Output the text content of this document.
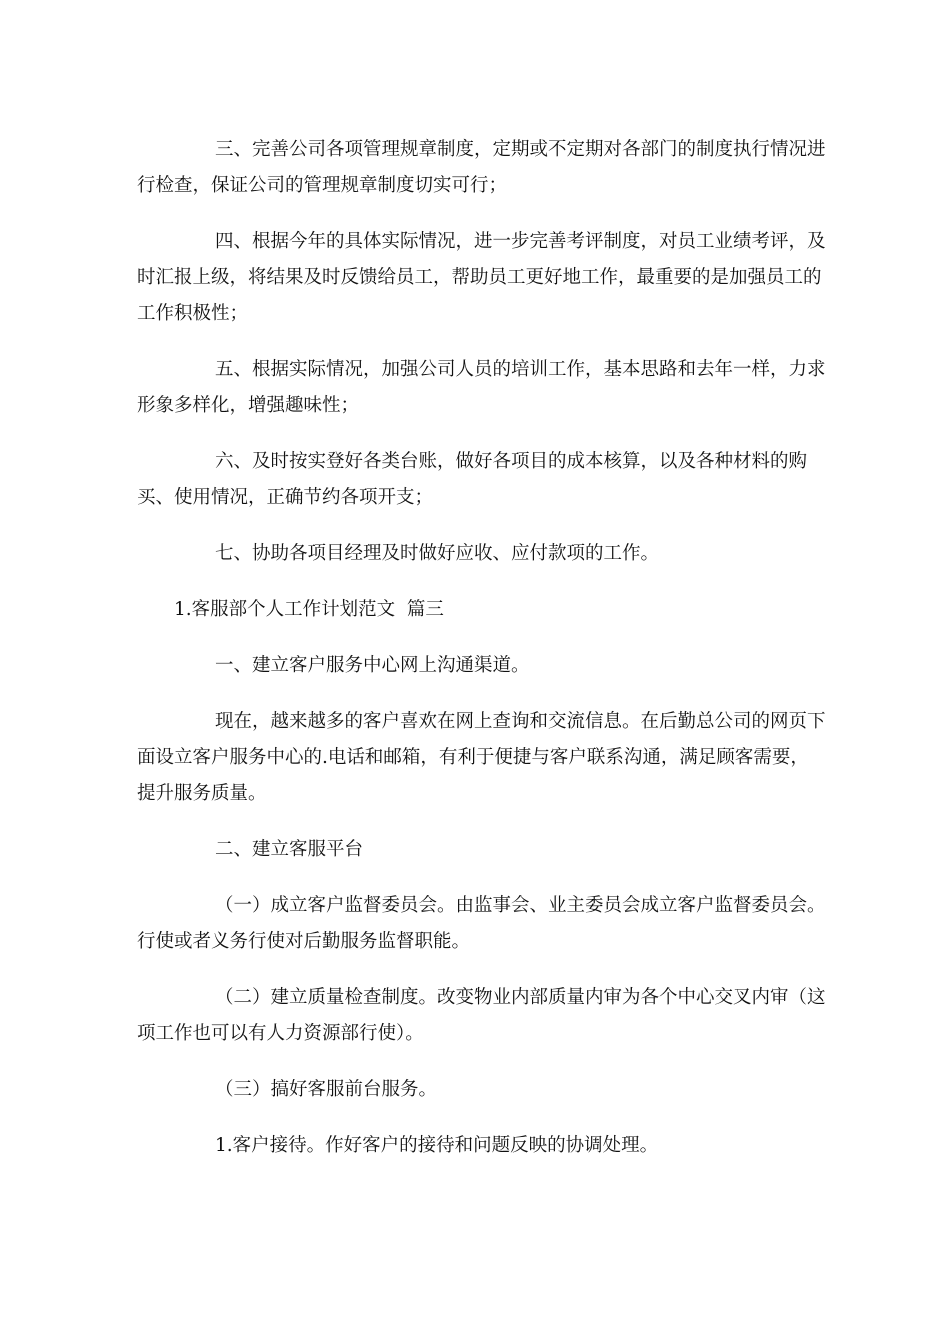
三、完善公司各项管理规章制度，定期或不定期对各部门的制度执行情况进行检查，保证公司的管理规章制度切实可行；

四、根据今年的具体实际情况，进一步完善考评制度，对员工业绩考评，及时汇报上级，将结果及时反馈给员工，帮助员工更好地工作，最重要的是加强员工的工作积极性；

五、根据实际情况，加强公司人员的培训工作，基本思路和去年一样，力求形象多样化，增强趣味性；

六、及时按实登好各类台账，做好各项目的成本核算，以及各种材料的购买、使用情况，正确节约各项开支；

七、协助各项目经理及时做好应收、应付款项的工作。

1.客服部个人工作计划范文  篇三

一、建立客户服务中心网上沟通渠道。

现在，越来越多的客户喜欢在网上查询和交流信息。在后勤总公司的网页下面设立客户服务中心的.电话和邮箱，有利于便捷与客户联系沟通，满足顾客需要，提升服务质量。

二、建立客服平台

（一）成立客户监督委员会。由监事会、业主委员会成立客户监督委员会。行使或者义务行使对后勤服务监督职能。

（二）建立质量检查制度。改变物业内部质量内审为各个中心交叉内审（这项工作也可以有人力资源部行使）。

（三）搞好客服前台服务。

1.客户接待。作好客户的接待和问题反映的协调处理。
